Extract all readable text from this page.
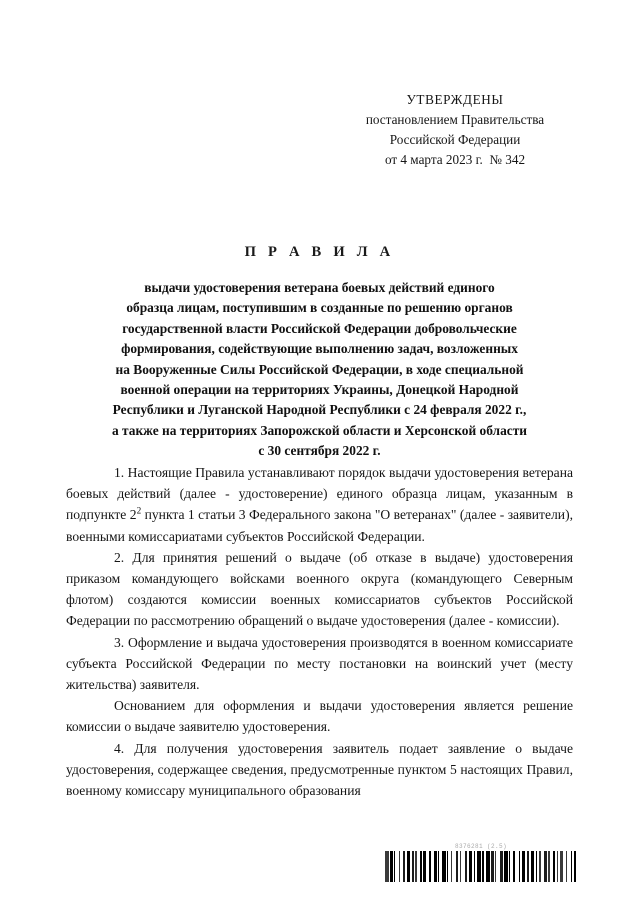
УТВЕРЖДЕНЫ
постановлением Правительства
Российской Федерации
от 4 марта 2023 г.  № 342
П Р А В И Л А
выдачи удостоверения ветерана боевых действий единого
образца лицам, поступившим в созданные по решению органов
государственной власти Российской Федерации добровольческие
формирования, содействующие выполнению задач, возложенных
на Вооруженные Силы Российской Федерации, в ходе специальной
военной операции на территориях Украины, Донецкой Народной
Республики и Луганской Народной Республики с 24 февраля 2022 г.,
а также на территориях Запорожской области и Херсонской области
с 30 сентября 2022 г.

1. Настоящие Правила устанавливают порядок выдачи удостоверения ветерана боевых действий (далее - удостоверение) единого образца лицам, указанным в подпункте $2^2$ пункта 1 статьи 3 Федерального закона "О ветеранах" (далее - заявители), военными комиссариатами субъектов Российской Федерации.

2. Для принятия решений о выдаче (об отказе в выдаче) удостоверения приказом командующего войсками военного округа (командующего Северным флотом) создаются комиссии военных комиссариатов субъектов Российской Федерации по рассмотрению обращений о выдаче удостоверения (далее - комиссии).

3. Оформление и выдача удостоверения производятся в военном комиссариате субъекта Российской Федерации по месту постановки на воинский учет (месту жительства) заявителя.

Основанием для оформления и выдачи удостоверения является решение комиссии о выдаче заявителю удостоверения.

4. Для получения удостоверения заявитель подает заявление о выдаче удостоверения, содержащее сведения, предусмотренные пунктом 5 настоящих Правил, военному комиссару муниципального образования

8376281 (2.5)
